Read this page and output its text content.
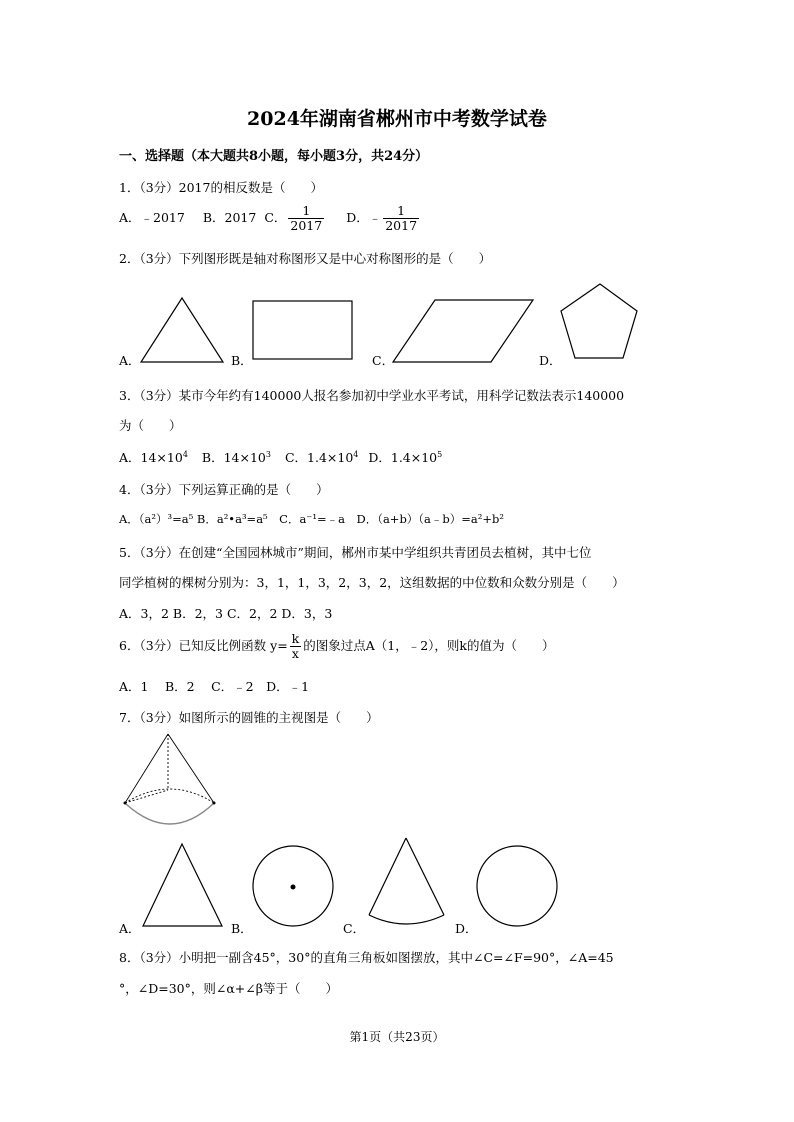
2024年湖南省郴州市中考数学试卷
一、选择题（本大题共8小题，每小题3分，共24分）
1．（3分）2017的相反数是（　　）
A．﹣2017 B．2017 C． $\frac{1}{2017}$ D．﹣ $\frac{1}{2017}$
2．（3分）下列图形既是轴对称图形又是中心对称图形的是（　　）
A．	B．	C．	D．
3．（3分）某市今年约有140000人报名参加初中学业水平考试，用科学记数法表示140000
为（　　）
A．$14\times 10^4$ B．$14\times 10^3$ C．$1.4\times 10^4$ D．$1.4\times 10^5$
4．（3分）下列运算正确的是（　　）
A．（a²）³=a⁵ B．a²•a³=a⁵　C．a⁻¹=﹣a　D．（a+b）（a﹣b）=a²+b²
5．（3分）在创建“全国园林城市”期间，郴州市某中学组织共青团员去植树，其中七位
同学植树的棵树分别为：3，1，1，3，2，3，2，这组数据的中位数和众数分别是（　　）
A．3，2 B．2，3 C．2，2 D．3，3
6．（3分）已知反比例函数 $y= \frac{k}{x}$ 的图象过点A（1，﹣2），则k的值为（　　）
A．1　 B．2　 C．﹣2　D．﹣1
7．（3分）如图所示的圆锥的主视图是（　　）
A．	B．	C．	D．
8．（3分）小明把一副含45°，30°的直角三角板如图摆放，其中∠C=∠F=90°，∠A=45
°，∠D=30°，则∠α+∠β等于（　　）
第1页（共23页）
